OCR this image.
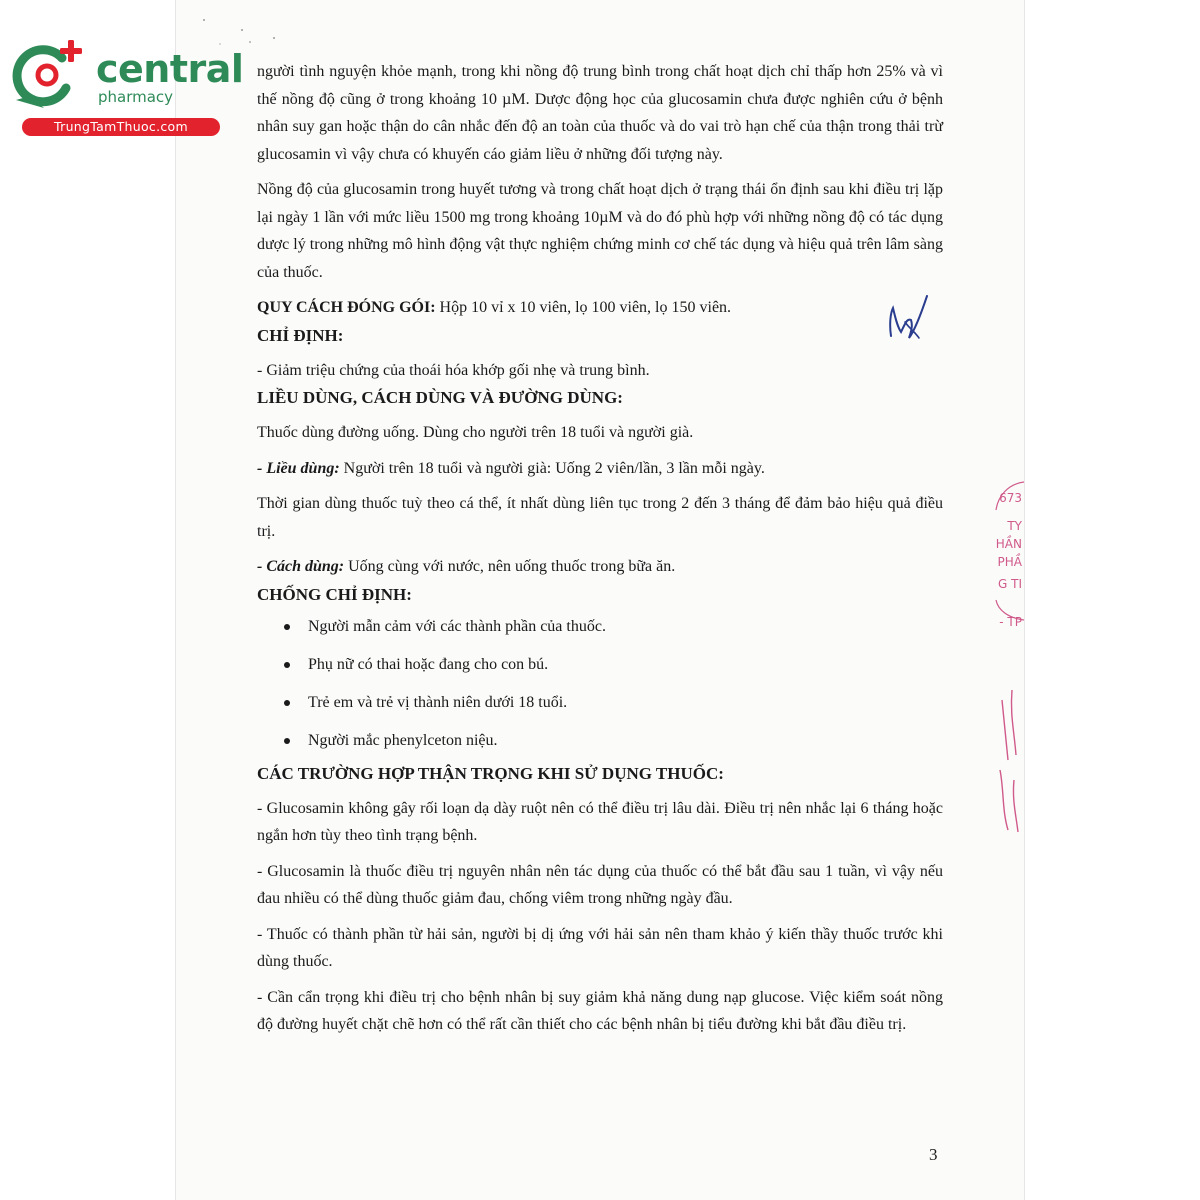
central
pharmacy
TrungTamThuoc.com

người tình nguyện khỏe mạnh, trong khi nồng độ trung bình trong chất hoạt dịch chỉ thấp hơn 25% và vì thế nồng độ cũng ở trong khoảng 10 µM. Dược động học của glucosamin chưa được nghiên cứu ở bệnh nhân suy gan hoặc thận do cân nhắc đến độ an toàn của thuốc và do vai trò hạn chế của thận trong thải trừ glucosamin vì vậy chưa có khuyến cáo giảm liều ở những đối tượng này.

Nồng độ của glucosamin trong huyết tương và trong chất hoạt dịch ở trạng thái ổn định sau khi điều trị lặp lại ngày 1 lần với mức liều 1500 mg trong khoảng 10µM và do đó phù hợp với những nồng độ có tác dụng dược lý trong những mô hình động vật thực nghiệm chứng minh cơ chế tác dụng và hiệu quả trên lâm sàng của thuốc.

QUY CÁCH ĐÓNG GÓI: Hộp 10 vỉ x 10 viên, lọ 100 viên, lọ 150 viên.

CHỈ ĐỊNH:

- Giảm triệu chứng của thoái hóa khớp gối nhẹ và trung bình.

LIỀU DÙNG, CÁCH DÙNG VÀ ĐƯỜNG DÙNG:

Thuốc dùng đường uống. Dùng cho người trên 18 tuổi và người già.

- Liều dùng: Người trên 18 tuổi và người già: Uống 2 viên/lần, 3 lần mỗi ngày.

Thời gian dùng thuốc tuỳ theo cá thể, ít nhất dùng liên tục trong 2 đến 3 tháng để đảm bảo hiệu quả điều trị.

- Cách dùng: Uống cùng với nước, nên uống thuốc trong bữa ăn.

CHỐNG CHỈ ĐỊNH:

Người mẫn cảm với các thành phần của thuốc.
Phụ nữ có thai hoặc đang cho con bú.
Trẻ em và trẻ vị thành niên dưới 18 tuổi.
Người mắc phenylceton niệu.

CÁC TRƯỜNG HỢP THẬN TRỌNG KHI SỬ DỤNG THUỐC:

- Glucosamin không gây rối loạn dạ dày ruột nên có thể điều trị lâu dài. Điều trị nên nhắc lại 6 tháng hoặc ngắn hơn tùy theo tình trạng bệnh.

- Glucosamin là thuốc điều trị nguyên nhân nên tác dụng của thuốc có thể bắt đầu sau 1 tuần, vì vậy nếu đau nhiều có thể dùng thuốc giảm đau, chống viêm trong những ngày đầu.

- Thuốc có thành phần từ hải sản, người bị dị ứng với hải sản nên tham khảo ý kiến thầy thuốc trước khi dùng thuốc.

- Cần cẩn trọng khi điều trị cho bệnh nhân bị suy giảm khả năng dung nạp glucose. Việc kiểm soát nồng độ đường huyết chặt chẽ hơn có thể rất cần thiết cho các bệnh nhân bị tiểu đường khi bắt đầu điều trị.

673
TY
HẦN
PHẦ
G TI
- TP
3
